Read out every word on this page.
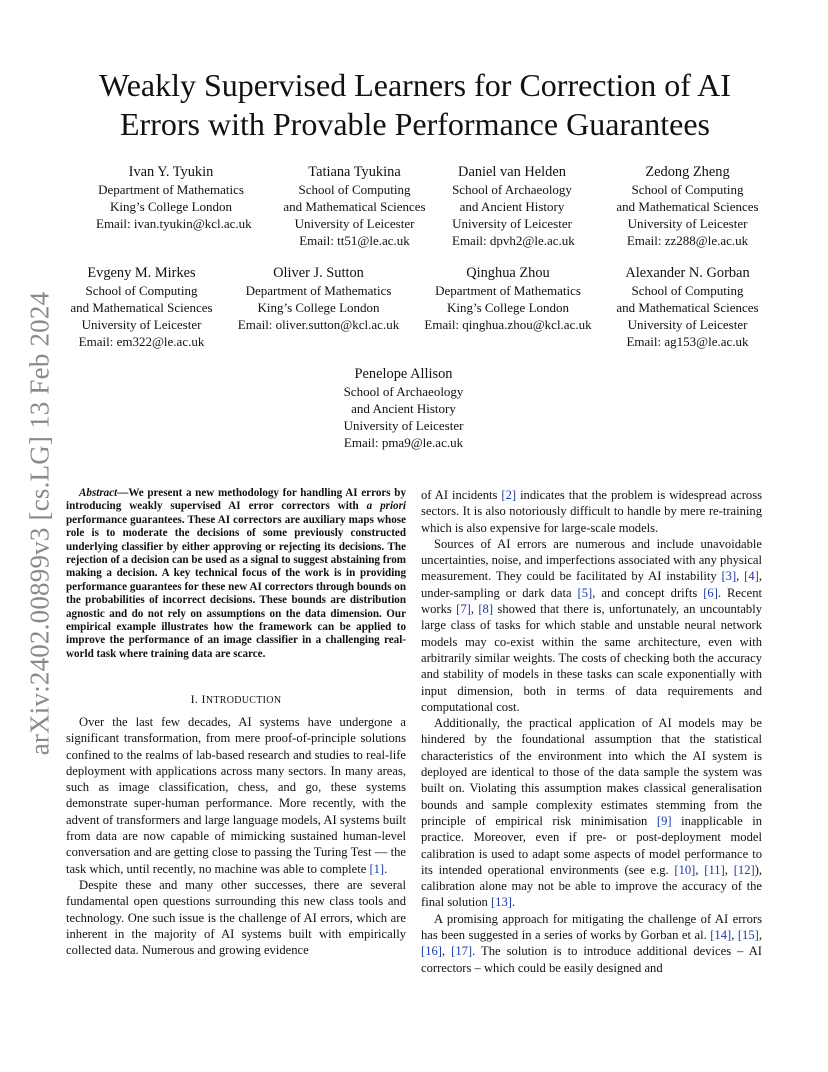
arXiv:2402.00899v3 [cs.LG] 13 Feb 2024
Weakly Supervised Learners for Correction of AI
Errors with Provable Performance Guarantees
Ivan Y. Tyukin
Department of Mathematics
King’s College London
Email: ivan.tyukin@kcl.ac.uk
Tatiana Tyukina
School of Computing
and Mathematical Sciences
University of Leicester
Email: tt51@le.ac.uk
Daniel van Helden
School of Archaeology
and Ancient History
University of Leicester
Email: dpvh2@le.ac.uk
Zedong Zheng
School of Computing
and Mathematical Sciences
University of Leicester
Email: zz288@le.ac.uk
Evgeny M. Mirkes
School of Computing
and Mathematical Sciences
University of Leicester
Email: em322@le.ac.uk
Oliver J. Sutton
Department of Mathematics
King’s College London
Email: oliver.sutton@kcl.ac.uk
Qinghua Zhou
Department of Mathematics
King’s College London
Email: qinghua.zhou@kcl.ac.uk
Alexander N. Gorban
School of Computing
and Mathematical Sciences
University of Leicester
Email: ag153@le.ac.uk
Penelope Allison
School of Archaeology
and Ancient History
University of Leicester
Email: pma9@le.ac.uk
Abstract—We present a new methodology for handling AI errors by introducing weakly supervised AI error correctors with a priori performance guarantees. These AI correctors are auxiliary maps whose role is to moderate the decisions of some previously constructed underlying classifier by either approving or rejecting its decisions. The rejection of a decision can be used as a signal to suggest abstaining from making a decision. A key technical focus of the work is in providing performance guarantees for these new AI correctors through bounds on the probabilities of incorrect decisions. These bounds are distribution agnostic and do not rely on assumptions on the data dimension. Our empirical example illustrates how the framework can be applied to improve the performance of an image classifier in a challenging real-world task where training data are scarce.
I. INTRODUCTION

Over the last few decades, AI systems have undergone a significant transformation, from mere proof-of-principle solutions confined to the realms of lab-based research and studies to real-life deployment with applications across many sectors. In many areas, such as image classification, chess, and go, these systems demonstrate super-human performance. More recently, with the advent of transformers and large language models, AI systems built from data are now capable of mimicking sustained human-level conversation and are getting close to passing the Turing Test — the task which, until recently, no machine was able to complete [1].

Despite these and many other successes, there are several fundamental open questions surrounding this new class tools and technology. One such issue is the challenge of AI errors, which are inherent in the majority of AI systems built with empirically collected data. Numerous and growing evidence

of AI incidents [2] indicates that the problem is widespread across sectors. It is also notoriously difficult to handle by mere re-training which is also expensive for large-scale models.

Sources of AI errors are numerous and include unavoidable uncertainties, noise, and imperfections associated with any physical measurement. They could be facilitated by AI instability [3], [4], under-sampling or dark data [5], and concept drifts [6]. Recent works [7], [8] showed that there is, unfortunately, an uncountably large class of tasks for which stable and unstable neural network models may co-exist within the same architecture, even with arbitrarily similar weights. The costs of checking both the accuracy and stability of models in these tasks can scale exponentially with input dimension, both in terms of data requirements and computational cost.

Additionally, the practical application of AI models may be hindered by the foundational assumption that the statistical characteristics of the environment into which the AI system is deployed are identical to those of the data sample the system was built on. Violating this assumption makes classical generalisation bounds and sample complexity estimates stemming from the principle of empirical risk minimisation [9] inapplicable in practice. Moreover, even if pre- or post-deployment model calibration is used to adapt some aspects of model performance to its intended operational environments (see e.g. [10], [11], [12]), calibration alone may not be able to improve the accuracy of the final solution [13].

A promising approach for mitigating the challenge of AI errors has been suggested in a series of works by Gorban et al. [14], [15], [16], [17]. The solution is to introduce additional devices – AI correctors – which could be easily designed and
